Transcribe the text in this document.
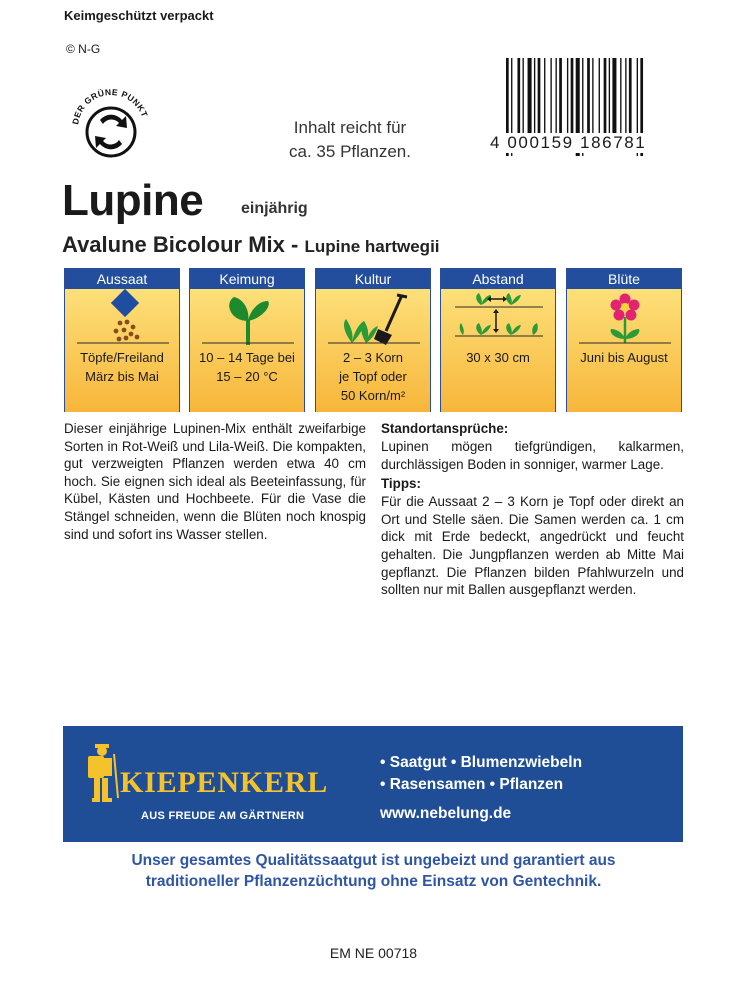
Keimgeschützt verpackt
© N-G
DER GRÜNE PUNKT
Inhalt reicht für
ca. 35 Pflanzen.	4 000159 186781
Lupine einjährig
Avalune Bicolour Mix - Lupine hartwegii
Aussaat
Töpfe/Freiland
März bis Mai
Keimung
10 – 14 Tage bei
15 – 20 °C
Kultur
2 – 3 Korn
je Topf oder
50 Korn/m²
Abstand
30 x 30 cm
Blüte
Juni bis August
Dieser einjährige Lupinen-Mix enthält zweifarbige Sorten in Rot-Weiß und Lila-Weiß. Die kompakten, gut verzweigten Pflanzen werden etwa 40 cm hoch. Sie eignen sich ideal als Beeteinfassung, für Kübel, Kästen und Hochbeete. Für die Vase die Stängel schneiden, wenn die Blüten noch knospig sind und sofort ins Wasser stellen.
Standortansprüche:
Lupinen mögen tiefgründigen, kalkarmen, durchlässigen Boden in sonniger, warmer Lage.
Tipps:
Für die Aussaat 2 – 3 Korn je Topf oder direkt an Ort und Stelle säen. Die Samen werden ca. 1 cm dick mit Erde bedeckt, angedrückt und feucht gehalten. Die Jungpflanzen werden ab Mitte Mai gepflanzt. Die Pflanzen bilden Pfahlwurzeln und sollten nur mit Ballen ausgepflanzt werden.
KIEPENKERL
AUS FREUDE AM GÄRTNERN
• Saatgut • Blumenzwiebeln
• Rasensamen • Pflanzen
www.nebelung.de
Unser gesamtes Qualitätssaatgut ist ungebeizt und garantiert aus
traditioneller Pflanzenzüchtung ohne Einsatz von Gentechnik.
EM NE 00718
